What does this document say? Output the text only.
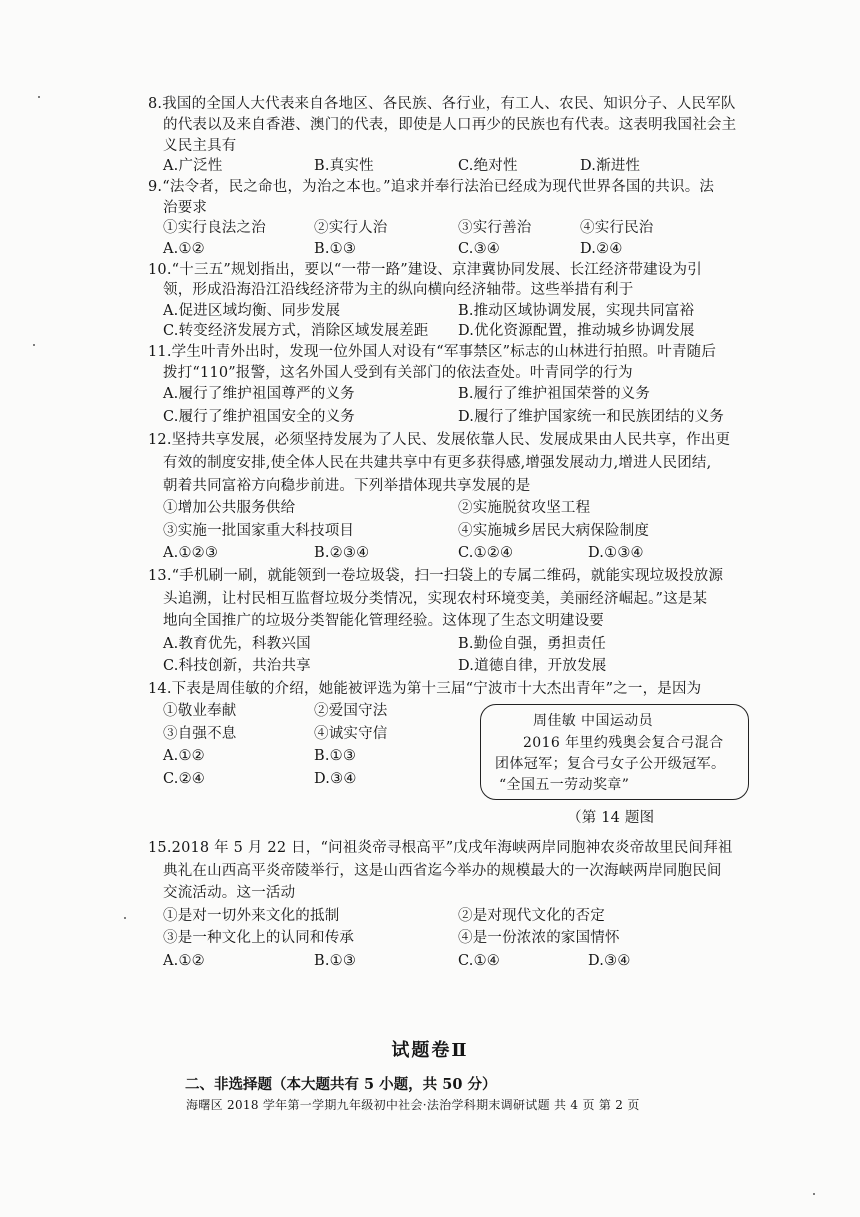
8.我国的全国人大代表来自各地区、各民族、各行业，有工人、农民、知识分子、人民军队
的代表以及来自香港、澳门的代表，即使是人口再少的民族也有代表。这表明我国社会主
义民主具有
A.广泛性	B.真实性	C.绝对性	D.渐进性
9.“法令者，民之命也，为治之本也。”追求并奉行法治已经成为现代世界各国的共识。法
治要求
①实行良法之治	②实行人治	③实行善治	④实行民治
A.①②	B.①③	C.③④	D.②④
10.“十三五”规划指出，要以“一带一路”建设、京津冀协同发展、长江经济带建设为引
领，形成沿海沿江沿线经济带为主的纵向横向经济轴带。这些举措有利于
A.促进区域均衡、同步发展	B.推动区域协调发展，实现共同富裕
C.转变经济发展方式，消除区域发展差距 D.优化资源配置，推动城乡协调发展
11.学生叶青外出时，发现一位外国人对设有“军事禁区”标志的山林进行拍照。叶青随后
拨打“110”报警，这名外国人受到有关部门的依法查处。叶青同学的行为
A.履行了维护祖国尊严的义务	B.履行了维护祖国荣誉的义务
C.履行了维护祖国安全的义务	D.履行了维护国家统一和民族团结的义务
12.坚持共享发展，必须坚持发展为了人民、发展依靠人民、发展成果由人民共享，作出更
有效的制度安排,使全体人民在共建共享中有更多获得感,增强发展动力,增进人民团结,
朝着共同富裕方向稳步前进。下列举措体现共享发展的是
①增加公共服务供给	②实施脱贫攻坚工程
③实施一批国家重大科技项目	④实施城乡居民大病保险制度
A.①②③	B.②③④	C.①②④	D.①③④
13.“手机刷一刷，就能领到一卷垃圾袋，扫一扫袋上的专属二维码，就能实现垃圾投放源
头追溯，让村民相互监督垃圾分类情况，实现农村环境变美，美丽经济崛起。”这是某
地向全国推广的垃圾分类智能化管理经验。这体现了生态文明建设要
A.教育优先，科教兴国	B.勤俭自强，勇担责任
C.科技创新，共治共享	D.道德自律，开放发展
14.下表是周佳敏的介绍，她能被评选为第十三届“宁波市十大杰出青年”之一，是因为
①敬业奉献	②爱国守法
③自强不息	④诚实守信
A.①②	B.①③
C.②④	D.③④
周佳敏 中国运动员
2016 年里约残奥会复合弓混合
团体冠军；复合弓女子公开级冠军。
“全国五一劳动奖章”
（第 14 题图
15.2018 年 5 月 22 日，“问祖炎帝寻根高平”戊戌年海峡两岸同胞神农炎帝故里民间拜祖
典礼在山西高平炎帝陵举行，这是山西省迄今举办的规模最大的一次海峡两岸同胞民间
交流活动。这一活动
①是对一切外来文化的抵制	②是对现代文化的否定
③是一种文化上的认同和传承	④是一份浓浓的家国情怀
A.①②	B.①③	C.①④	D.③④
试题卷Ⅱ
二、非选择题（本大题共有 5 小题，共 50 分）
海曙区 2018 学年第一学期九年级初中社会·法治学科期末调研试题 共 4 页 第 2 页
